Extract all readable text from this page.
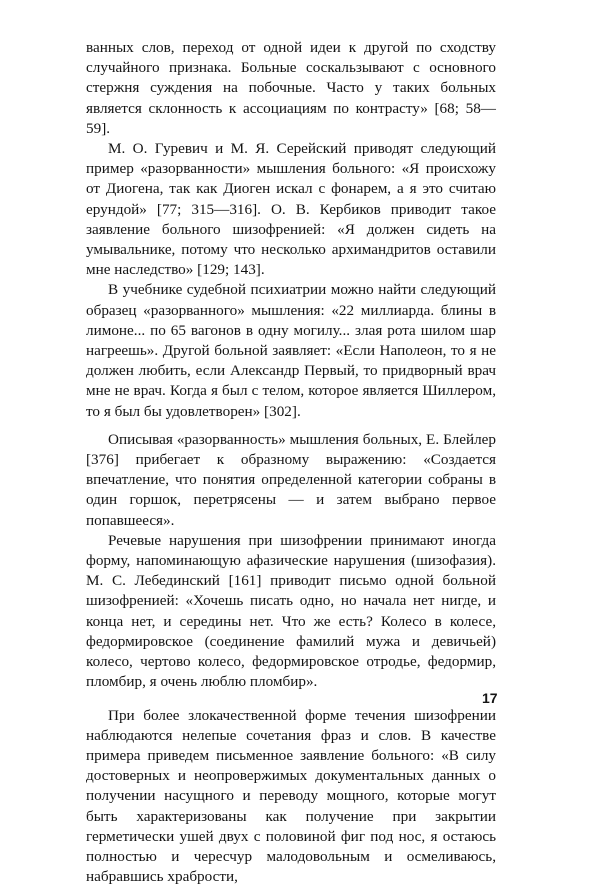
ванных слов, переход от одной идеи к другой по сходству случайного признака. Больные соскальзывают с основного стержня суждения на побочные. Часто у таких больных является склонность к ассоциациям по контрасту» [68; 58—59].

М. О. Гуревич и М. Я. Серейский приводят следующий пример «разорванности» мышления больного: «Я происхожу от Диогена, так как Диоген искал с фонарем, а я это считаю ерундой» [77; 315—316]. О. В. Кербиков приводит такое заявление больного шизофренией: «Я должен сидеть на умывальнике, потому что несколько архимандритов оставили мне наследство» [129; 143].

В учебнике судебной психиатрии можно найти следующий образец «разорванного» мышления: «22 миллиарда. блины в лимоне... по 65 вагонов в одну могилу... злая рота шилом шар нагреешь». Другой больной заявляет: «Если Наполеон, то я не должен любить, если Александр Первый, то придворный врач мне не врач. Когда я был с телом, которое является Шиллером, то я был бы удовлетворен» [302].

Описывая «разорванность» мышления больных, Е. Блейлер [376] прибегает к образному выражению: «Создается впечатление, что понятия определенной категории собраны в один горшок, перетрясены — и затем выбрано первое попавшееся».

Речевые нарушения при шизофрении принимают иногда форму, напоминающую афазические нарушения (шизофазия). М. С. Лебединский [161] приводит письмо одной больной шизофренией: «Хочешь писать одно, но начала нет нигде, и конца нет, и середины нет. Что же есть? Колесо в колесе, федормировское (соединение фамилий мужа и девичьей) колесо, чертово колесо, федормировское отродье, федормир, пломбир, я очень люблю пломбир».

При более злокачественной форме течения шизофрении наблюдаются нелепые сочетания фраз и слов. В качестве примера приведем письменное заявление больного: «В силу достоверных и неопровержимых документальных данных о получении насущного и переводу мощного, которые могут быть характеризованы как получение при закрытии герметически ушей двух с половиной фиг под нос, я остаюсь полностью и чересчур малодовольным и осмеливаюсь, набравшись храбрости,

17
